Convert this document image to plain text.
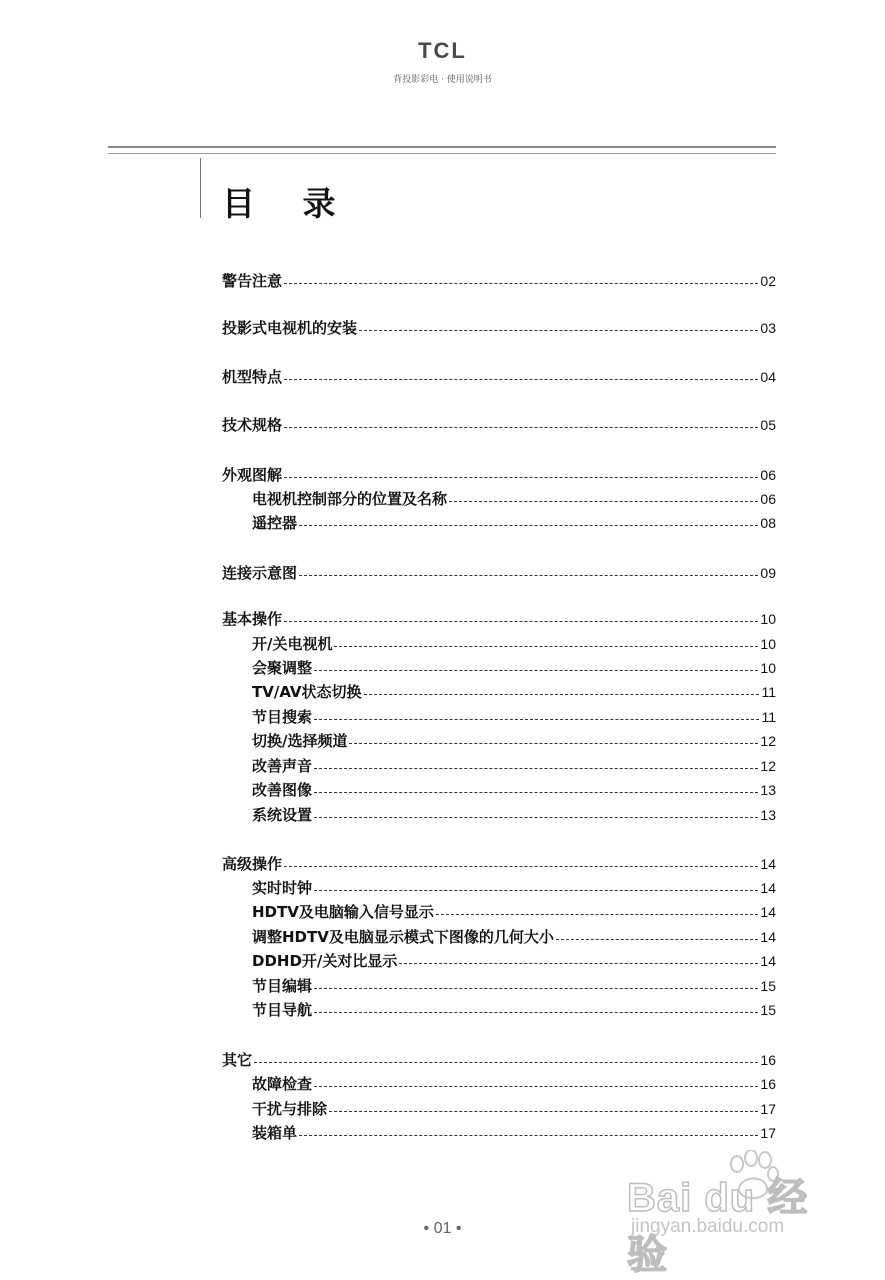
TCL
背投影彩电 · 使用说明书
目 录
警告注意	02
投影式电视机的安装	03
机型特点	04
技术规格	05
外观图解	06
电视机控制部分的位置及名称	06
遥控器	08
连接示意图	09
基本操作	10
开/关电视机	10
会聚调整	10
TV/AV状态切换	11
节目搜索	11
切换/选择频道	12
改善声音	12
改善图像	13
系统设置	13
高级操作	14
实时时钟	14
HDTV及电脑输入信号显示	14
调整HDTV及电脑显示模式下图像的几何大小	14
DDHD开/关对比显示	14
节目编辑	15
节目导航	15
其它	16
故障检查	16
干扰与排除	17
装箱单	17
Bai du 经验
jingyan.baidu.com
• 01 •
